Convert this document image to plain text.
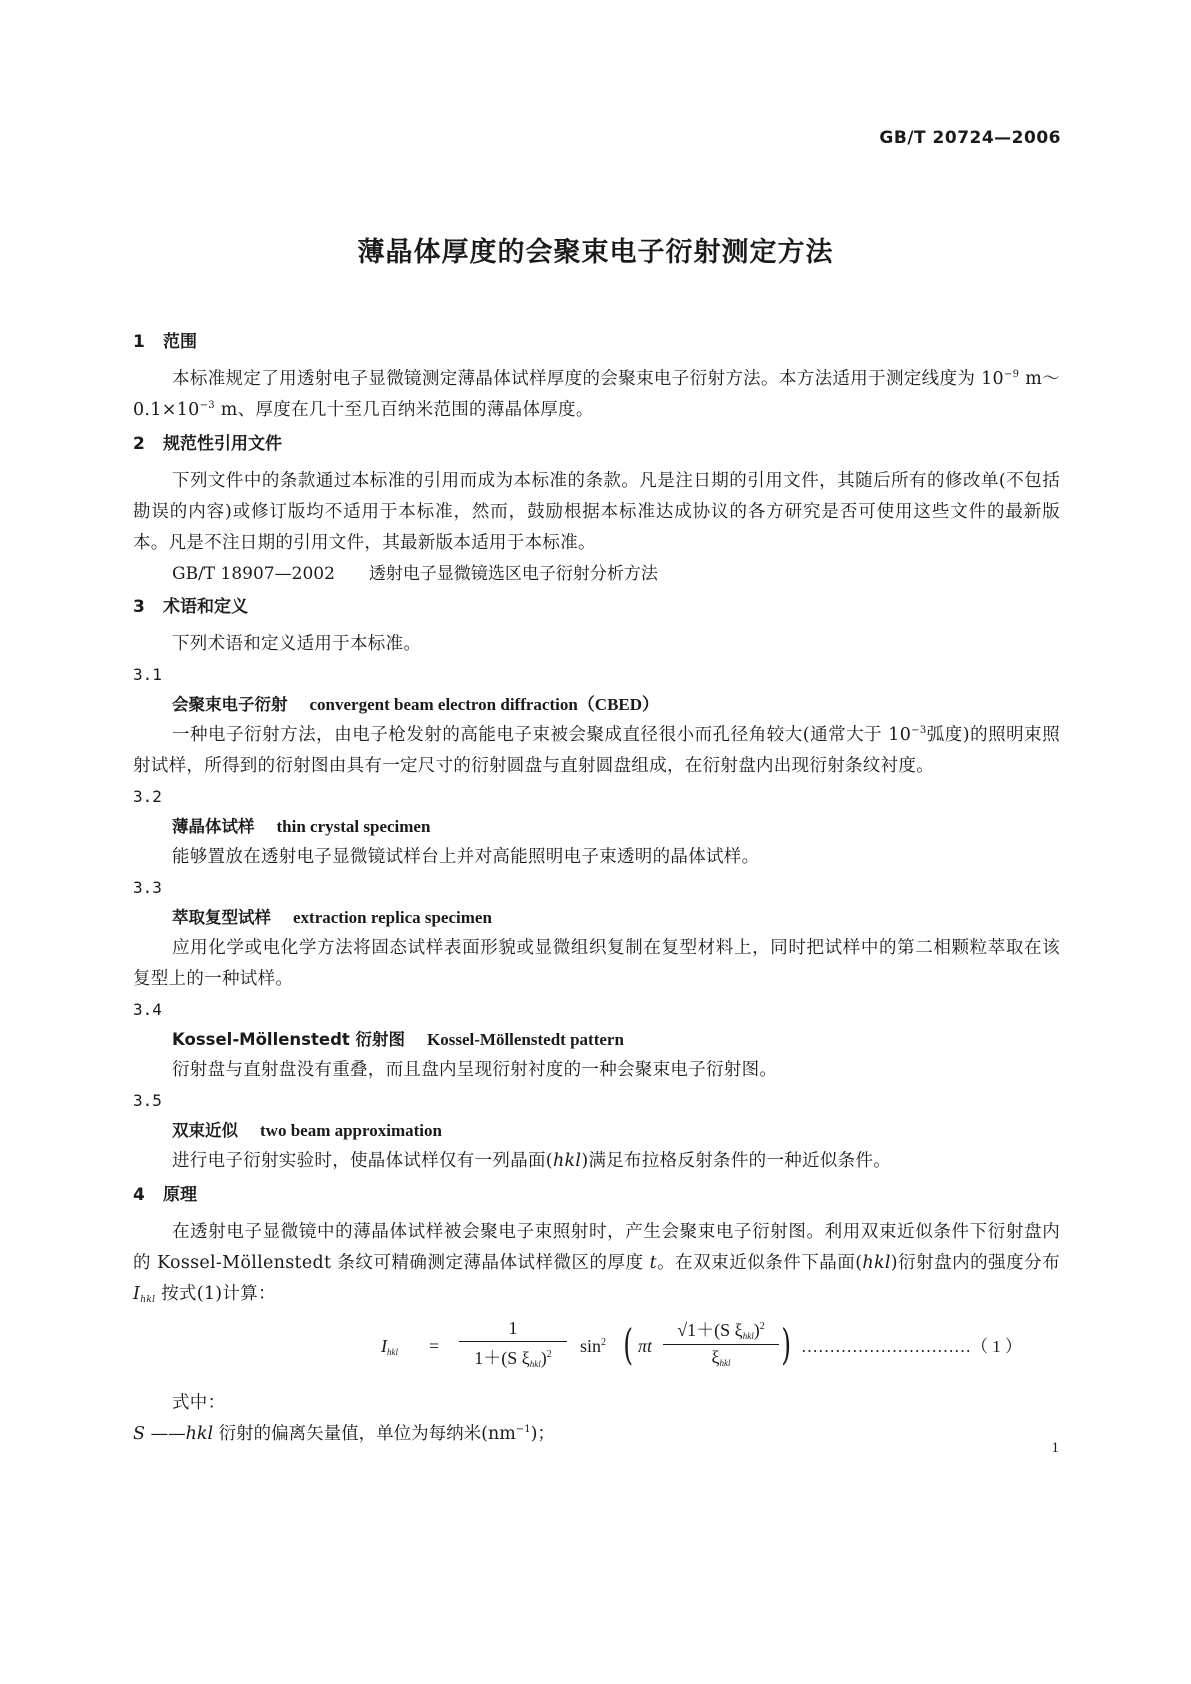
GB/T 20724—2006
薄晶体厚度的会聚束电子衍射测定方法
1 范围

本标准规定了用透射电子显微镜测定薄晶体试样厚度的会聚束电子衍射方法。本方法适用于测定线度为 $10^{-9}$ $m\sim 0.1\times 10^{-3}$ m、厚度在几十至几百纳米范围的薄晶体厚度。

2 规范性引用文件

下列文件中的条款通过本标准的引用而成为本标准的条款。凡是注日期的引用文件，其随后所有的修改单(不包括勘误的内容)或修订版均不适用于本标准，然而，鼓励根据本标准达成协议的各方研究是否可使用这些文件的最新版本。凡是不注日期的引用文件，其最新版本适用于本标准。

GB/T 18907—2002 透射电子显微镜选区电子衍射分析方法

3 术语和定义

下列术语和定义适用于本标准。

3.1
会聚束电子衍射 convergent beam electron diffraction（CBED）

一种电子衍射方法，由电子枪发射的高能电子束被会聚成直径很小而孔径角较大(通常大于 $10^{-3}$弧度)的照明束照射试样，所得到的衍射图由具有一定尺寸的衍射圆盘与直射圆盘组成，在衍射盘内出现衍射条纹衬度。

3.2
薄晶体试样 thin crystal specimen

能够置放在透射电子显微镜试样台上并对高能照明电子束透明的晶体试样。

3.3
萃取复型试样 extraction replica specimen

应用化学或电化学方法将固态试样表面形貌或显微组织复制在复型材料上，同时把试样中的第二相颗粒萃取在该复型上的一种试样。

3.4
Kossel-Möllenstedt 衍射图 Kossel-Möllenstedt pattern

衍射盘与直射盘没有重叠，而且盘内呈现衍射衬度的一种会聚束电子衍射图。

3.5
双束近似 two beam approximation

进行电子衍射实验时，使晶体试样仅有一列晶面(hkl)满足布拉格反射条件的一种近似条件。

4 原理

在透射电子显微镜中的薄晶体试样被会聚电子束照射时，产生会聚束电子衍射图。利用双束近似条件下衍射盘内的 Kossel-Möllenstedt 条纹可精确测定薄晶体试样微区的厚度 t。在双束近似条件下晶面(hkl)衍射盘内的强度分布 $I_{hkl}$ 按式(1)计算：

$I_{hkl}$ =
1
1＋(S $\xi_{hkl})^2$	$\sin^2$ ( πt
√1＋(S $\xi_{hkl})^2$
$\xi_{hkl}$	) …………………………（ 1 ）

式中：

S ——hkl 衍射的偏离矢量值，单位为每纳米$(nm^{-1})$；

1
